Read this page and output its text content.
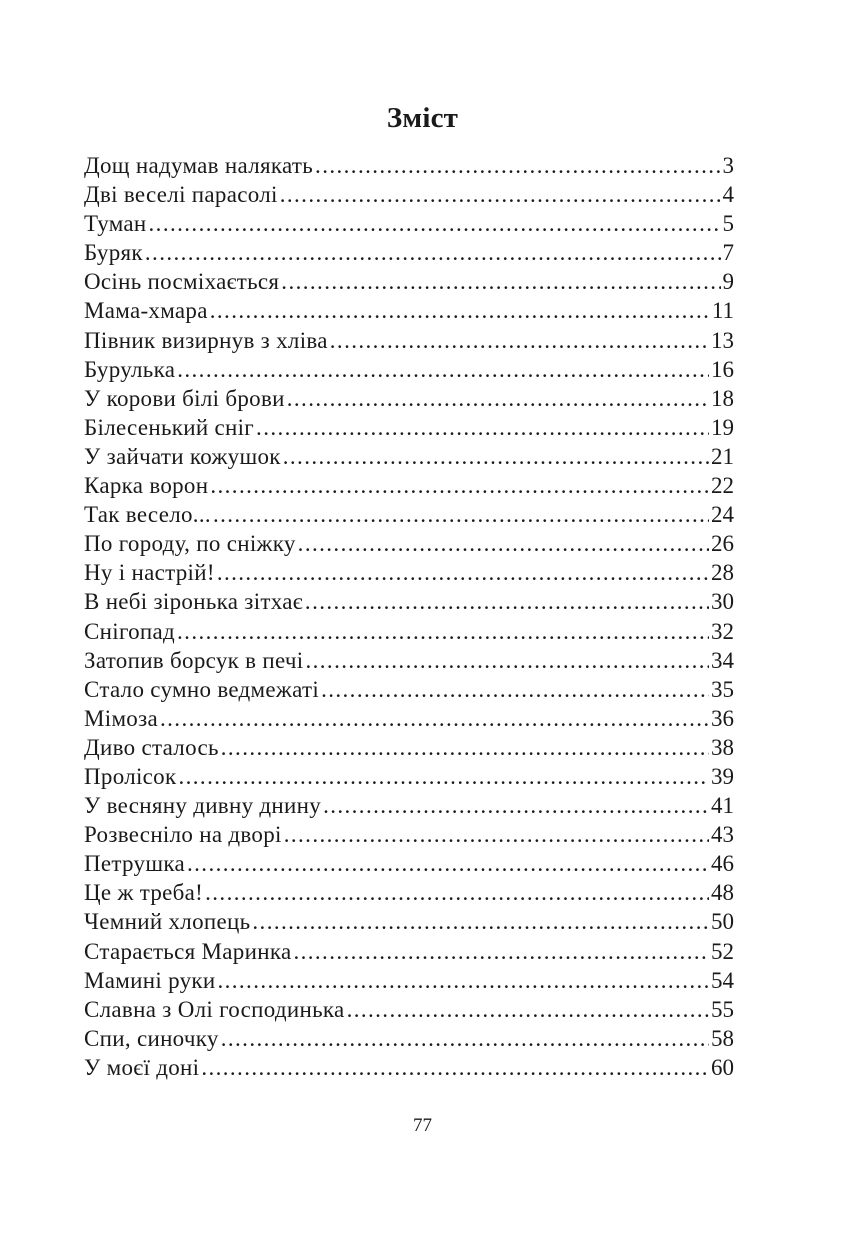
Зміст
Дощ надумав налякать .....	3
Дві веселі парасолі .....	4
Туман .....	5
Буряк .....	7
Осінь посміхається .....	9
Мама-хмара .....	11
Півник визирнув з хліва .....	13
Бурулька .....	16
У корови білі брови .....	18
Білесенький сніг .....	19
У зайчати кожушок .....	21
Карка ворон .....	22
Так весело... .....	24
По городу, по сніжку .....	26
Ну і настрій! .....	28
В небі зіронька зітхає .....	30
Снігопад .....	32
Затопив борсук в печі .....	34
Стало сумно ведмежаті .....	35
Мімоза .....	36
Диво сталось .....	38
Пролісок .....	39
У весняну дивну днину .....	41
Розвесніло на дворі .....	43
Петрушка .....	46
Це ж треба! .....	48
Чемний хлопець .....	50
Старається Маринка .....	52
Мамині руки .....	54
Славна з Олі господинька .....	55
Спи, синочку .....	58
У моєї доні .....	60
77
